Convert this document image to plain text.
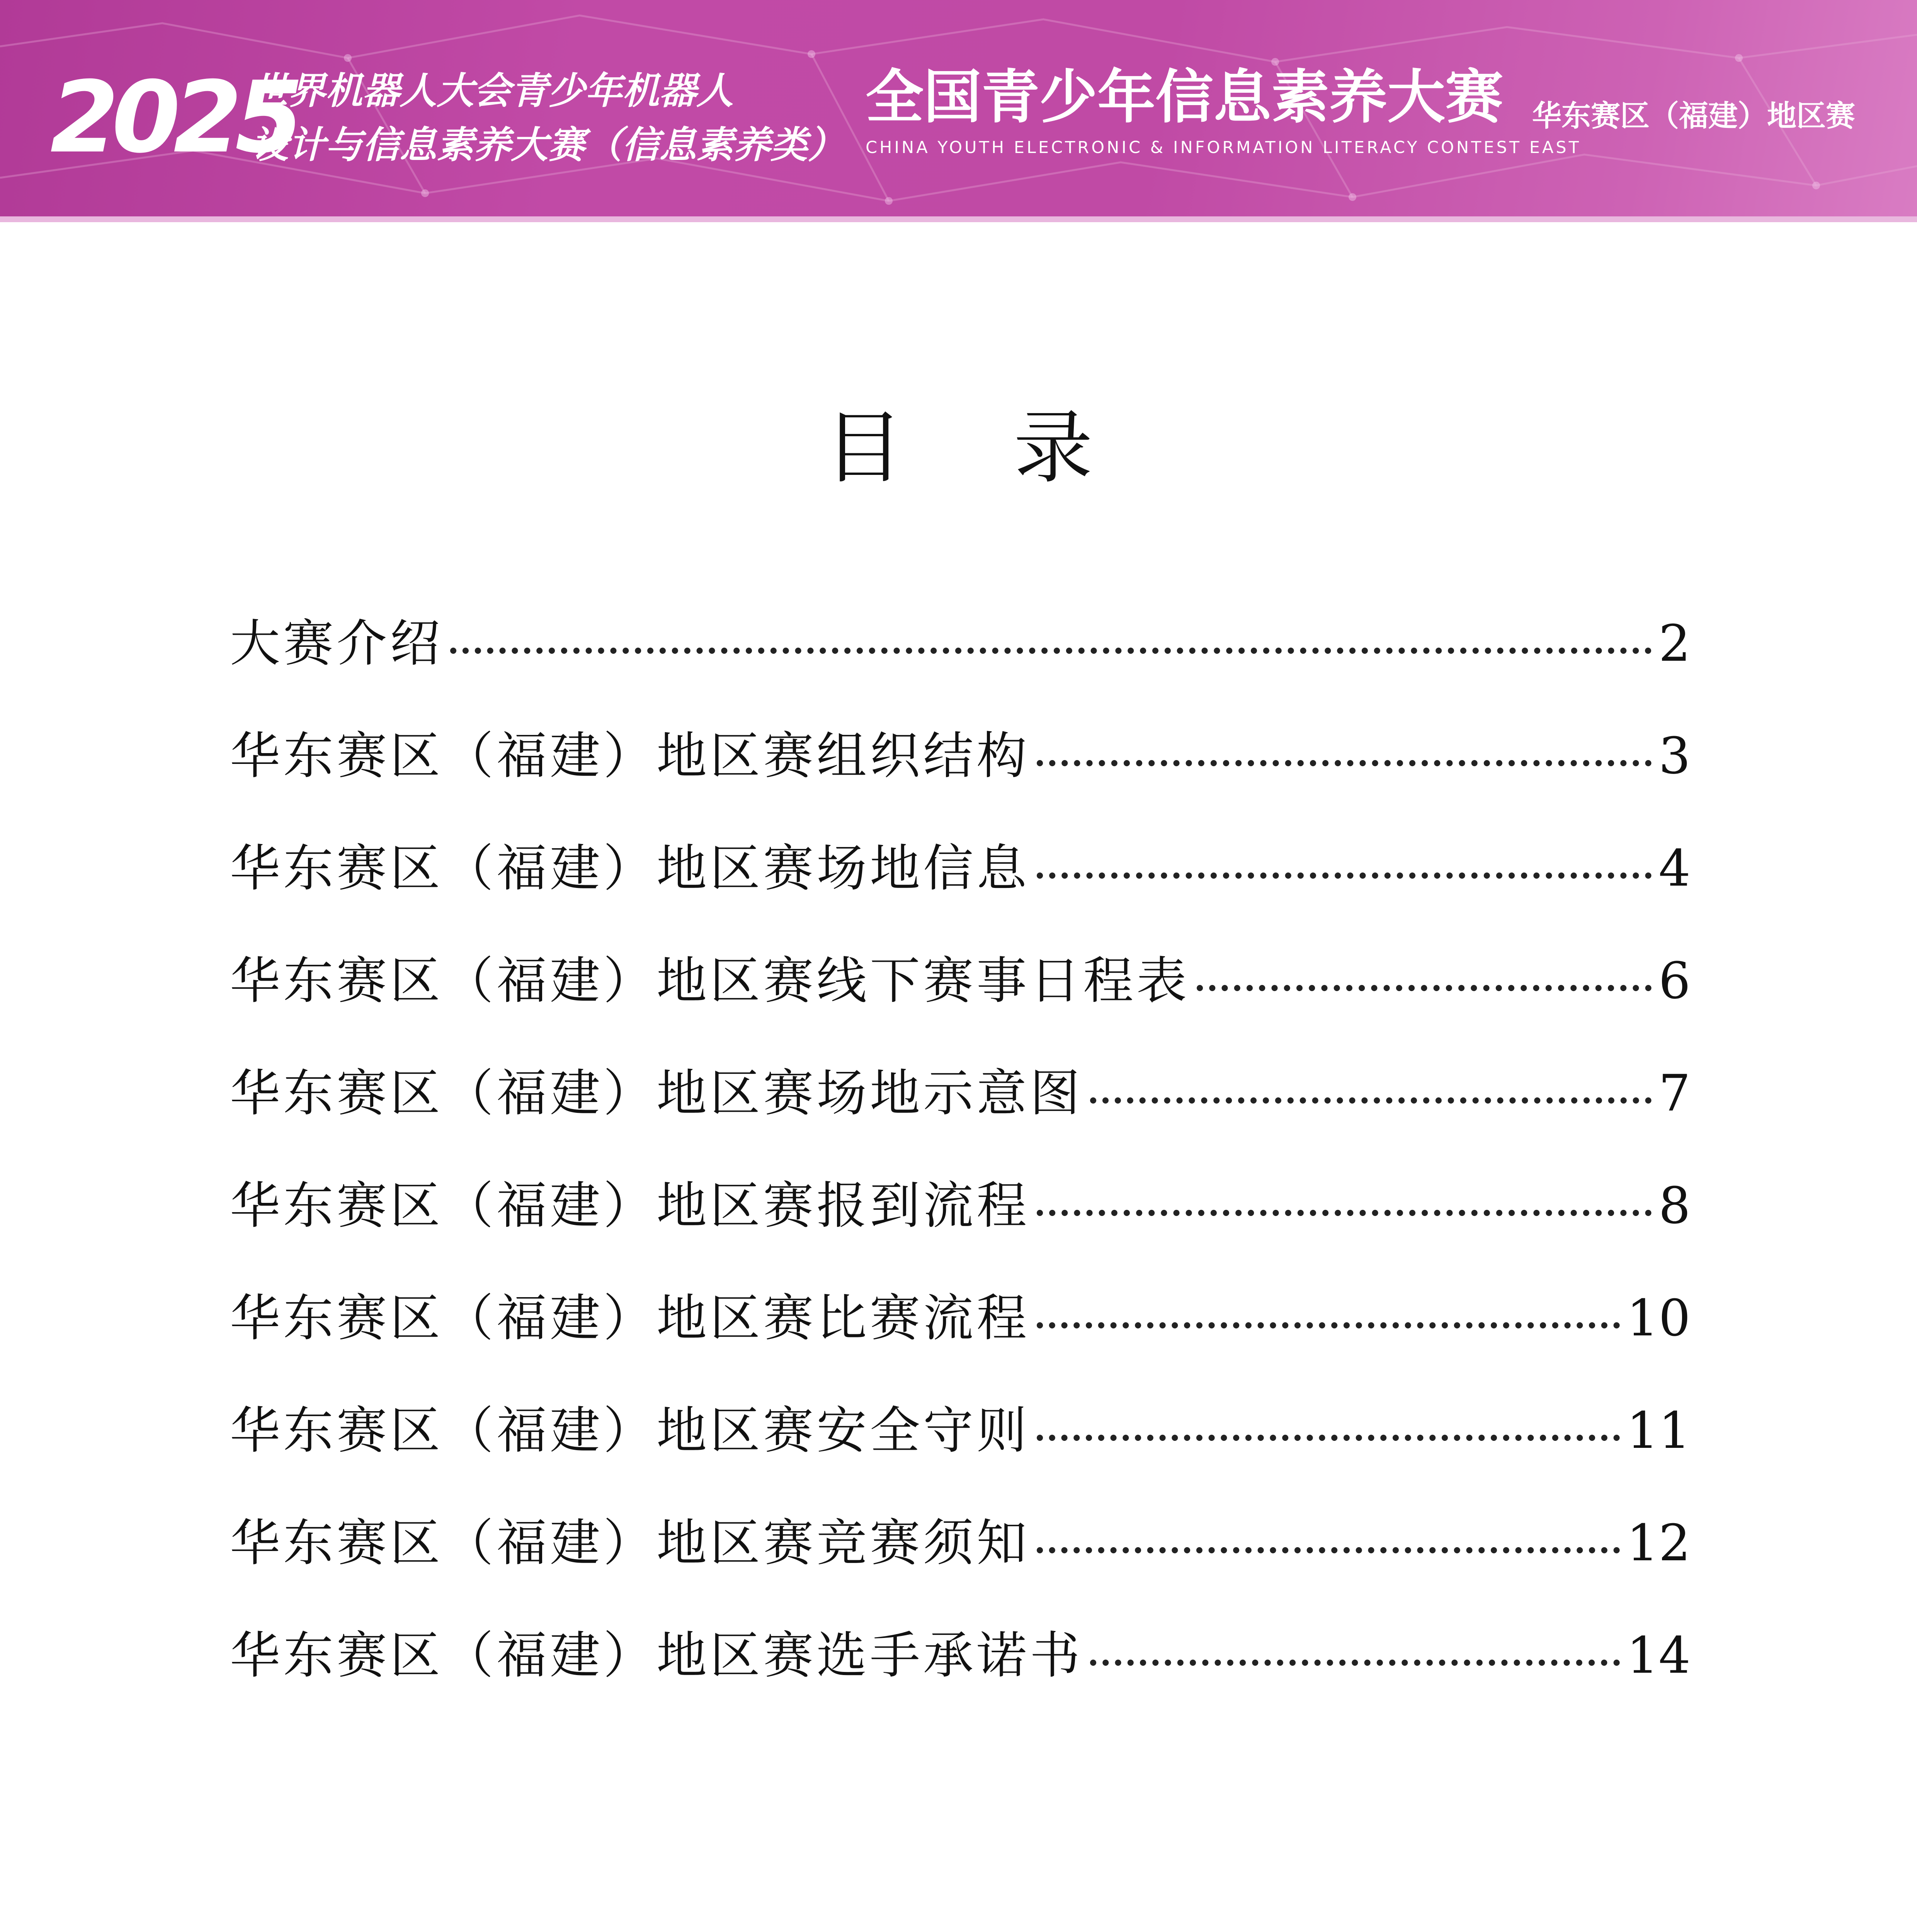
2025
世界机器人大会青少年机器人
设计与信息素养大赛（信息素养类）
全国青少年信息素养大赛
CHINA YOUTH ELECTRONIC & INFORMATION LITERACY CONTEST EAST
华东赛区（福建）地区赛
目 录
大赛介绍	2
华东赛区（福建）地区赛组织结构	3
华东赛区（福建）地区赛场地信息	4
华东赛区（福建）地区赛线下赛事日程表	6
华东赛区（福建）地区赛场地示意图	7
华东赛区（福建）地区赛报到流程	8
华东赛区（福建）地区赛比赛流程	10
华东赛区（福建）地区赛安全守则	11
华东赛区（福建）地区赛竞赛须知	12
华东赛区（福建）地区赛选手承诺书	14
